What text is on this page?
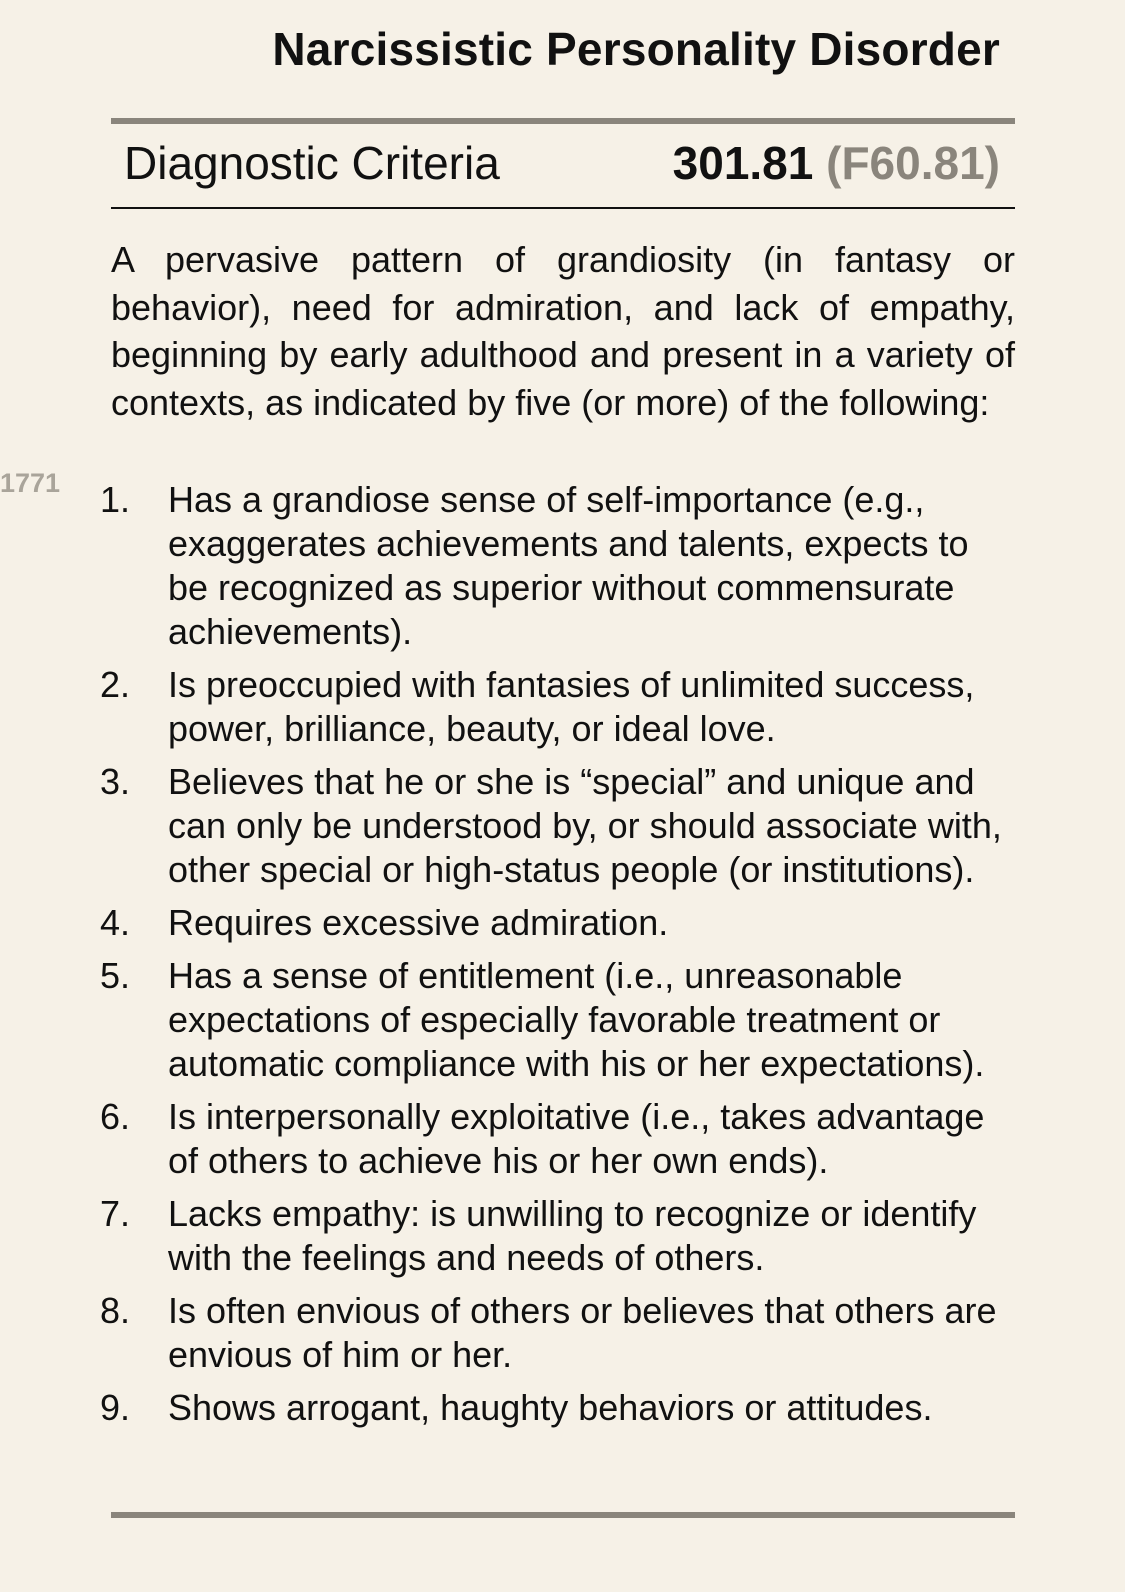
Narcissistic Personality Disorder
Diagnostic Criteria	301.81 (F60.81)

A pervasive pattern of grandiosity (in fantasy or behavior), need for admiration, and lack of empathy, beginning by early adulthood and present in a variety of contexts, as indicated by five (or more) of the following:

1771 1. Has a grandiose sense of self-importance (e.g., exaggerates achievements and talents, expects to be recognized as superior without commensurate achievements).
2. Is preoccupied with fantasies of unlimited success, power, brilliance, beauty, or ideal love.
3. Believes that he or she is “special” and unique and can only be understood by, or should associate with, other special or high-status people (or institutions).
4. Requires excessive admiration.
5. Has a sense of entitlement (i.e., unreasonable expectations of especially favorable treatment or automatic compliance with his or her expectations).
6. Is interpersonally exploitative (i.e., takes advantage of others to achieve his or her own ends).
7. Lacks empathy: is unwilling to recognize or identify with the feelings and needs of others.
8. Is often envious of others or believes that others are envious of him or her.
9. Shows arrogant, haughty behaviors or attitudes.
